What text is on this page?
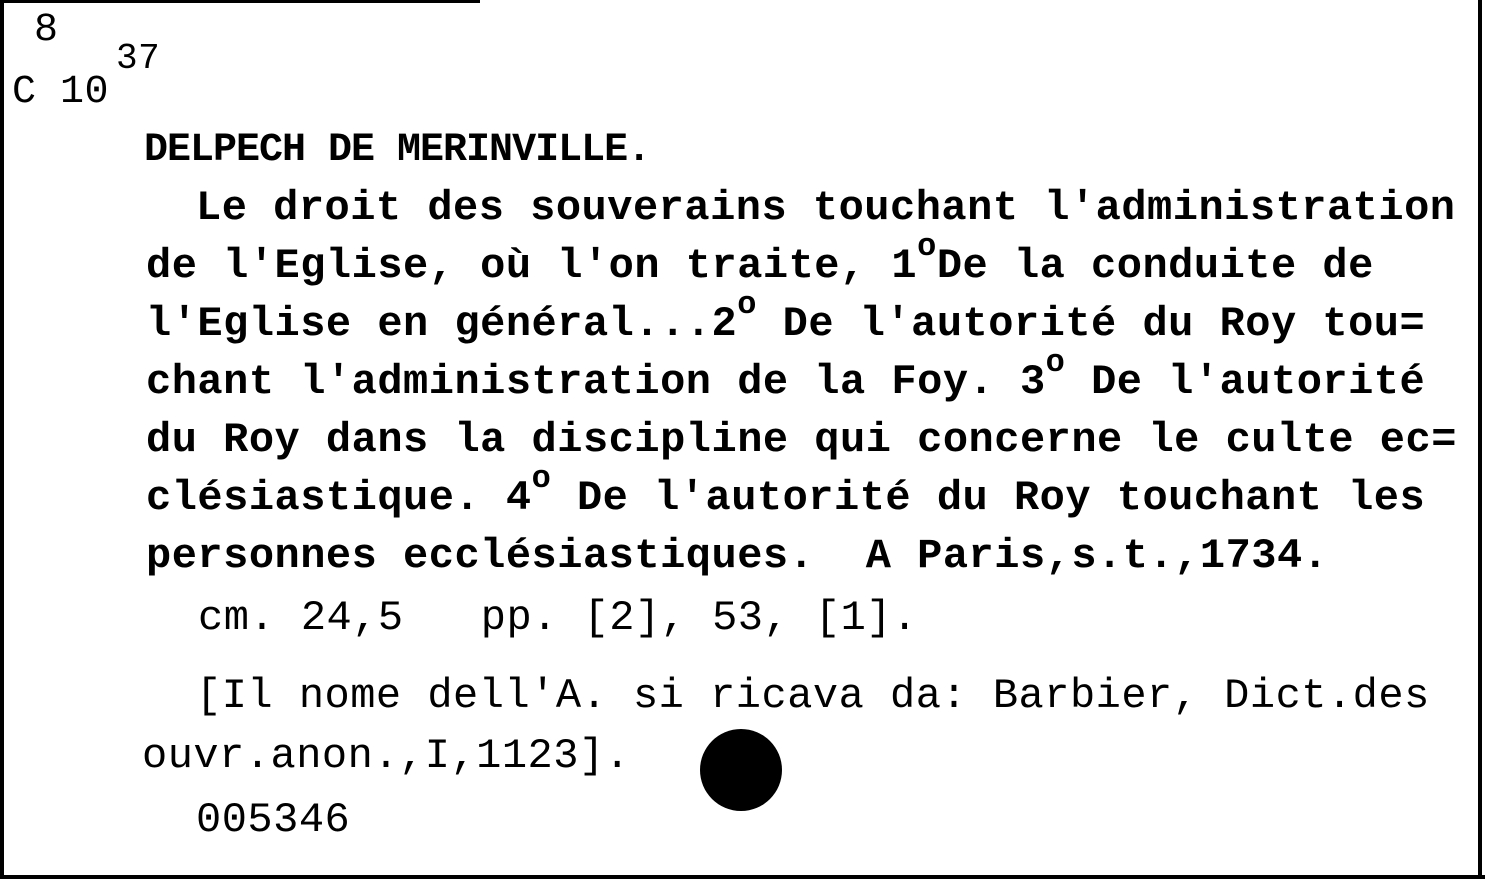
8
C 10
37
DELPECH DE MERINVILLE.
Le droit des souverains touchant l'administration
de l'Eglise, où l'on traite, 1$^o$De la conduite de
l'Eglise en général...2$^o$ De l'autorité du Roy tou=
chant l'administration de la Foy. 3$^o$ De l'autorité
du Roy dans la discipline qui concerne le culte ec=
clésiastique. 4$^o$ De l'autorité du Roy touchant les
personnes ecclésiastiques.  A Paris,s.t.,1734.
cm. 24,5   pp. [2], 53, [1].
[Il nome dell'A. si ricava da: Barbier, Dict.des
ouvr.anon.,I,1123].
005346
